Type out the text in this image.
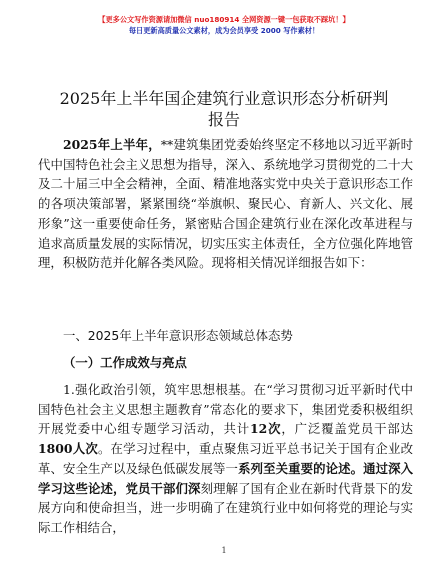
【更多公文写作资源请加微信 nuo180914 全网资源一键一包获取不踩坑！】
每日更新高质量公文素材，成为会员享受 2000 写作素材！
2025年上半年国企建筑行业意识形态分析研判
报告

2025年上半年，**建筑集团党委始终坚定不移地以习近平新时代中国特色社会主义思想为指导，深入、系统地学习贯彻党的二十大及二十届三中全会精神，全面、精准地落实党中央关于意识形态工作的各项决策部署，紧紧围绕“举旗帜、聚民心、育新人、兴文化、展形象”这一重要使命任务，紧密贴合国企建筑行业在深化改革进程与追求高质量发展的实际情况，切实压实主体责任，全方位强化阵地管理，积极防范并化解各类风险。现将相关情况详细报告如下：

一、2025年上半年意识形态领域总体态势
（一）工作成效与亮点

1.强化政治引领，筑牢思想根基。在“学习贯彻习近平新时代中国特色社会主义思想主题教育”常态化的要求下，集团党委积极组织开展党委中心组专题学习活动，共计12次，广泛覆盖党员干部达1800人次。在学习过程中，重点聚焦习近平总书记关于国有企业改革、安全生产以及绿色低碳发展等一系列至关重要的论述。通过深入学习这些论述，党员干部们深刻理解了国有企业在新时代背景下的发展方向和使命担当，进一步明确了在建筑行业中如何将党的理论与实际工作相结合，

1
